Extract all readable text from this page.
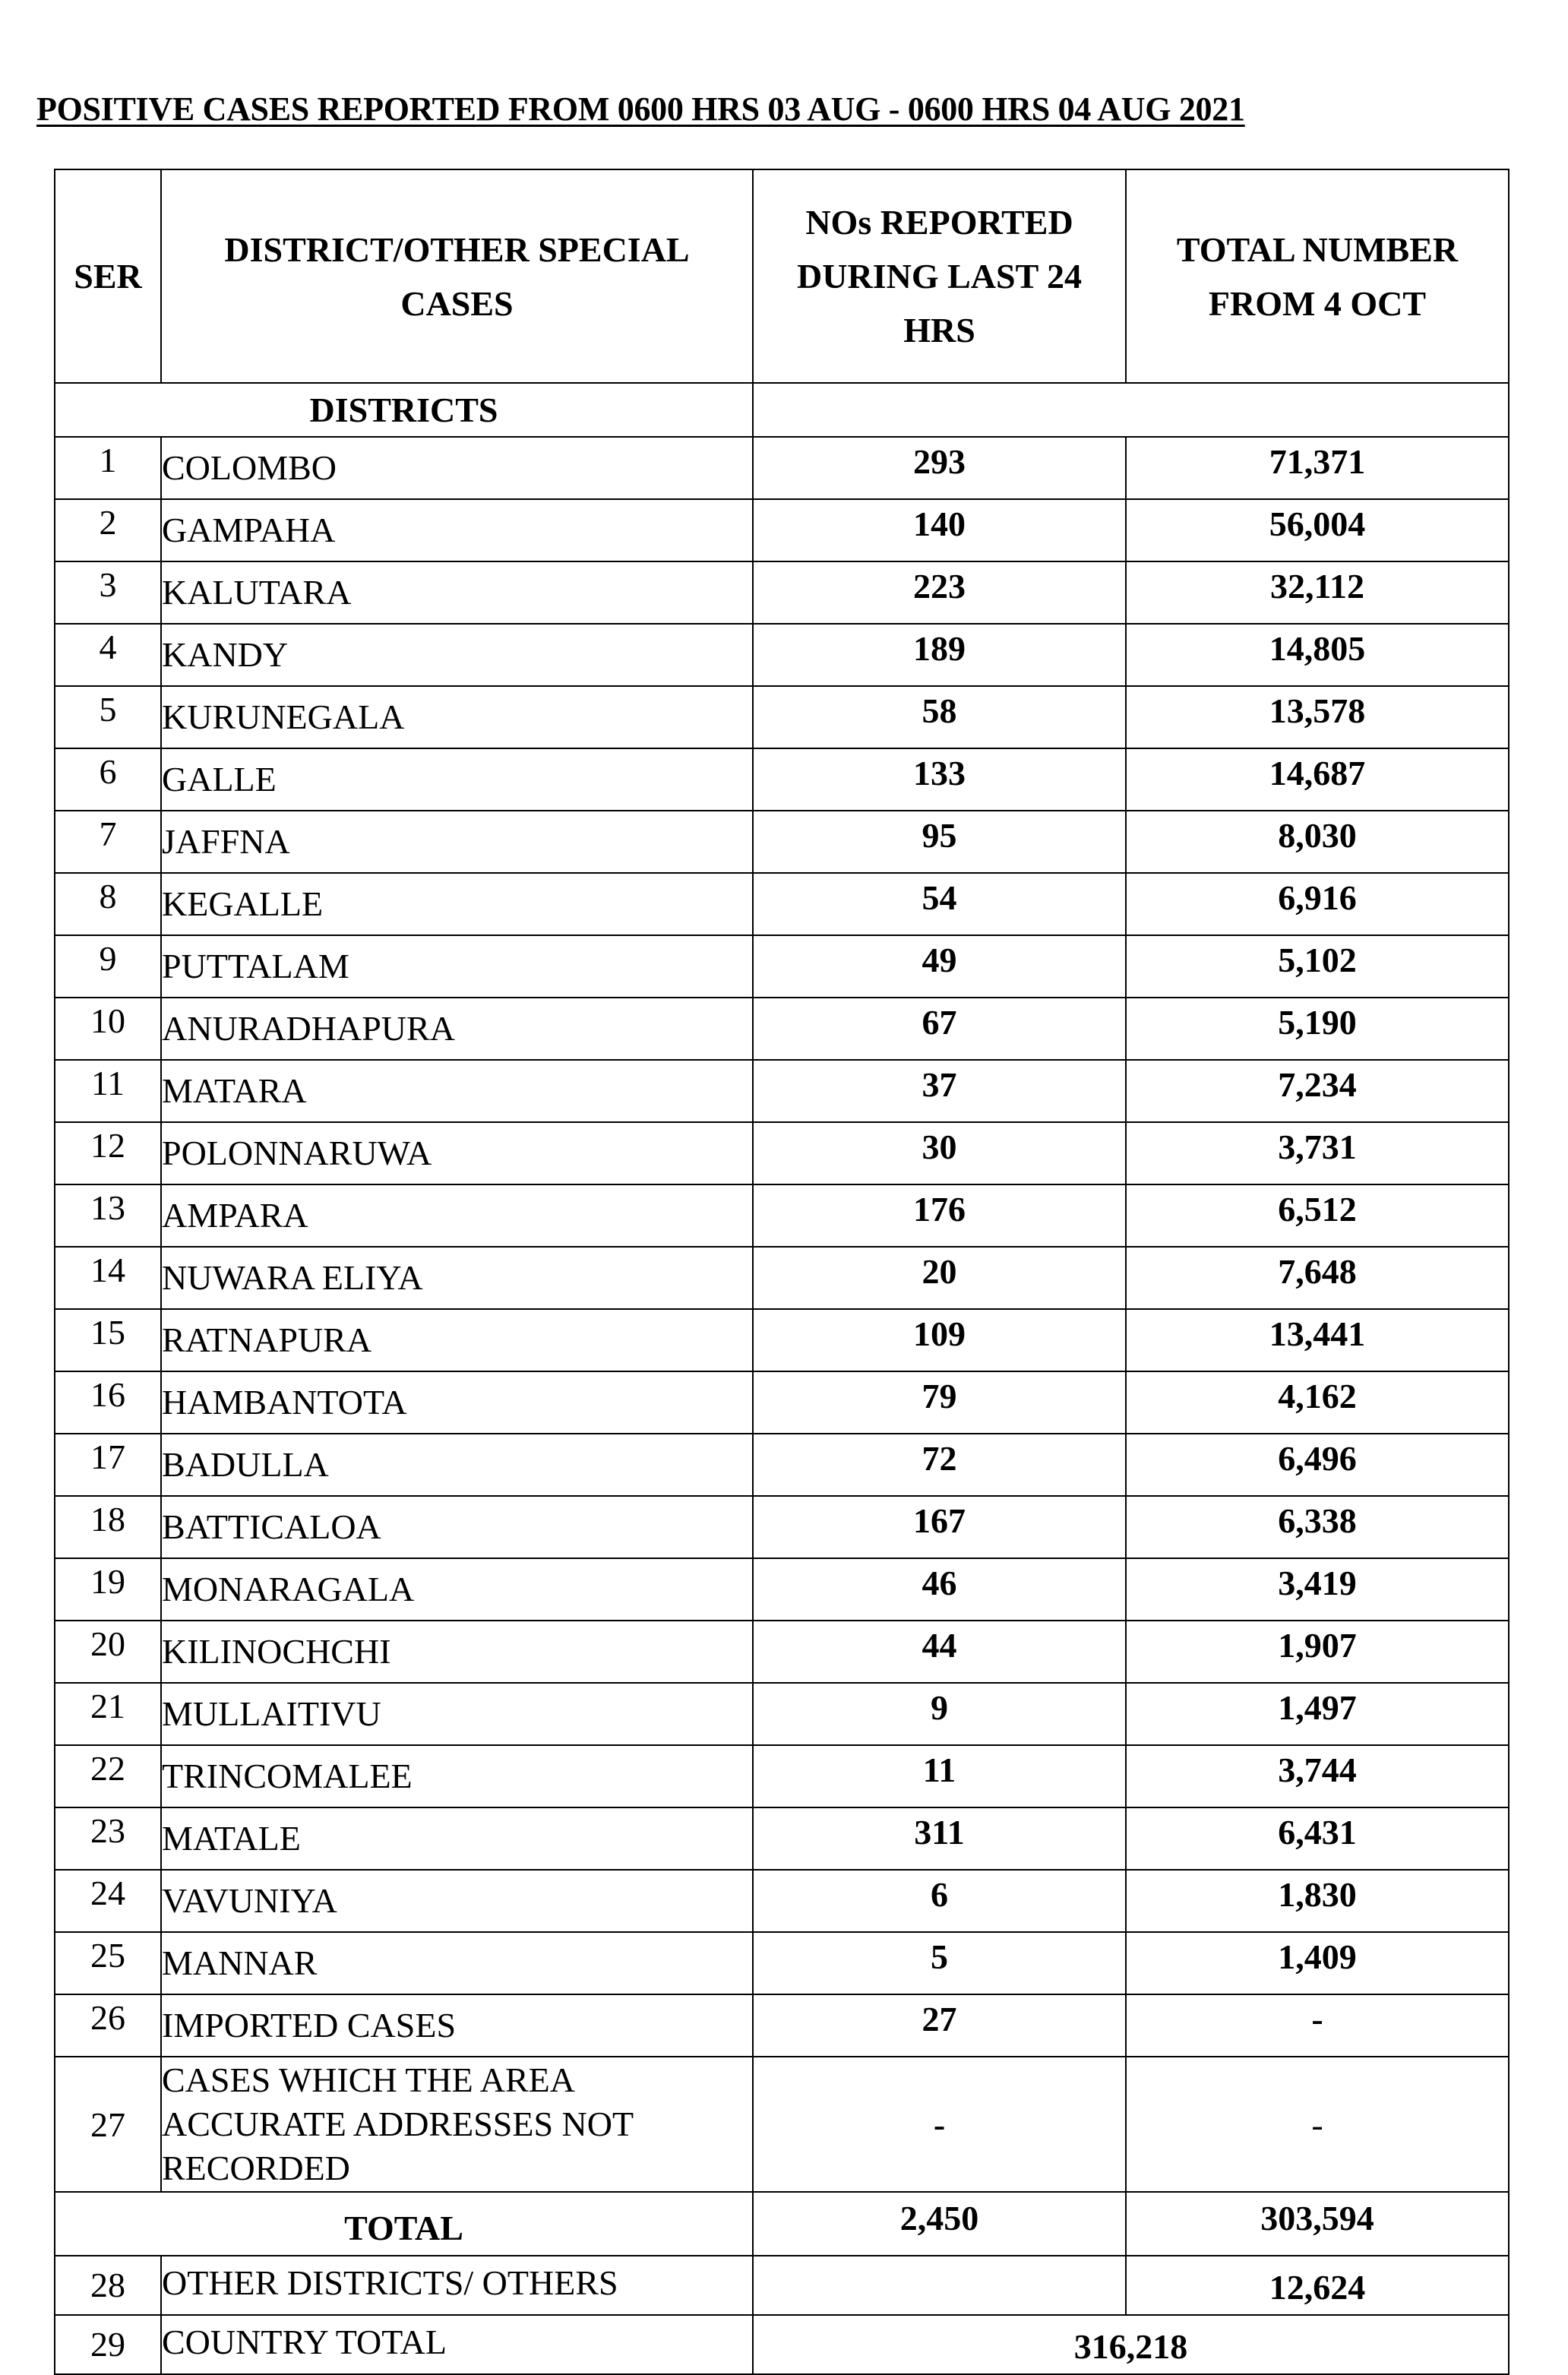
POSITIVE CASES REPORTED FROM 0600 HRS 03 AUG - 0600 HRS 04 AUG 2021
SER	DISTRICT/OTHER SPECIAL CASES	NOs REPORTED DURING LAST 24 HRS	TOTAL NUMBER FROM 4 OCT
DISTRICTS			
1	COLOMBO	293	71,371
2	GAMPAHA	140	56,004
3	KALUTARA	223	32,112
4	KANDY	189	14,805
5	KURUNEGALA	58	13,578
6	GALLE	133	14,687
7	JAFFNA	95	8,030
8	KEGALLE	54	6,916
9	PUTTALAM	49	5,102
10	ANURADHAPURA	67	5,190
11	MATARA	37	7,234
12	POLONNARUWA	30	3,731
13	AMPARA	176	6,512
14	NUWARA ELIYA	20	7,648
15	RATNAPURA	109	13,441
16	HAMBANTOTA	79	4,162
17	BADULLA	72	6,496
18	BATTICALOA	167	6,338
19	MONARAGALA	46	3,419
20	KILINOCHCHI	44	1,907
21	MULLAITIVU	9	1,497
22	TRINCOMALEE	11	3,744
23	MATALE	311	6,431
24	VAVUNIYA	6	1,830
25	MANNAR	5	1,409
26	IMPORTED CASES	27	-
27	CASES WHICH THE AREA
ACCURATE ADDRESSES NOT
RECORDED	-	-
TOTAL		2,450	303,594
28	OTHER DISTRICTS/ OTHERS		12,624
29	COUNTRY TOTAL	316,218	
